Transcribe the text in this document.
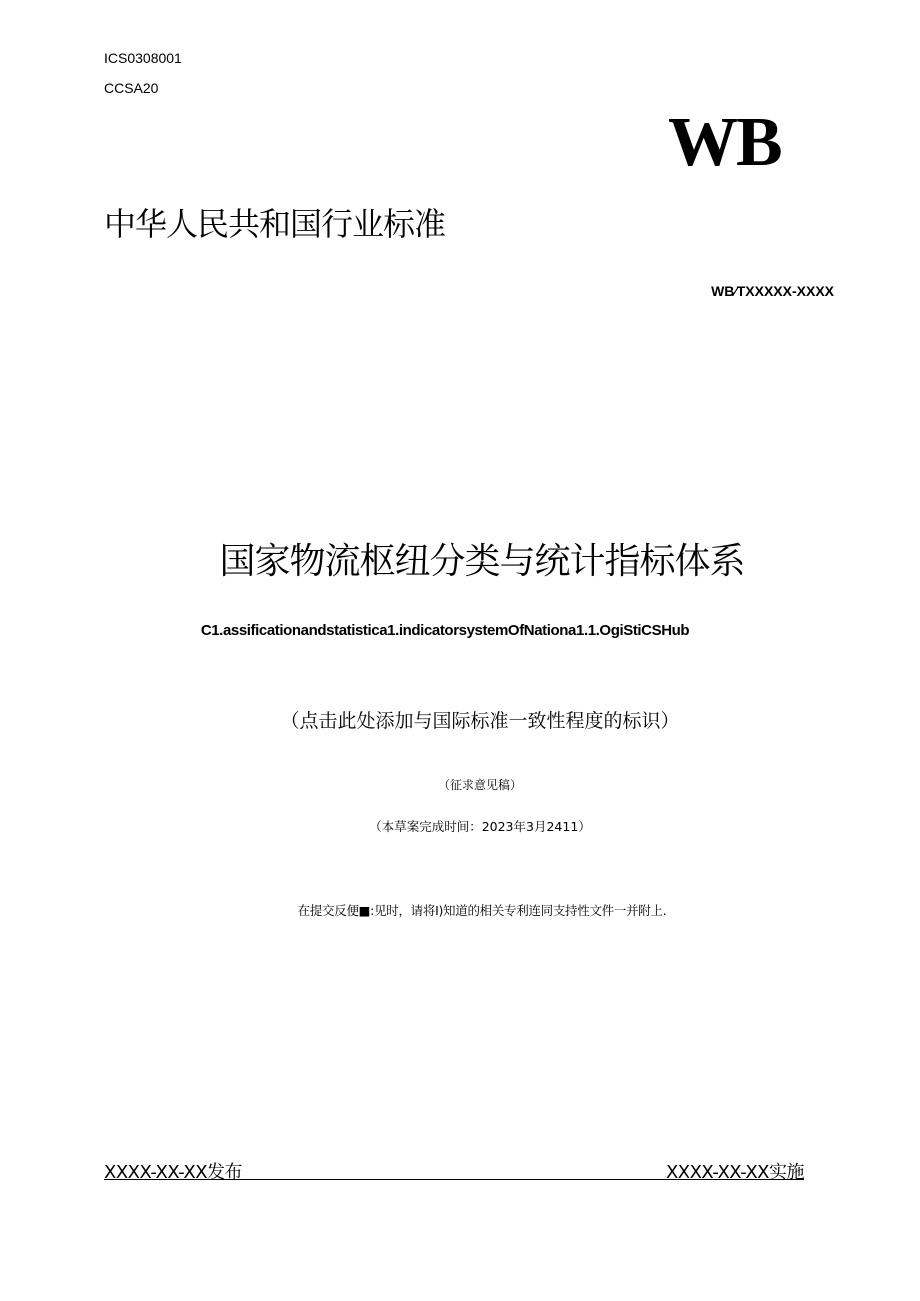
ICS0308001
CCSA20
WB
中华人民共和国行业标准
WB∕TXXXXX-XXXX
国家物流枢纽分类与统计指标体系
C1.assificationandstatistica1.indicatorsystemOfNationa1.1.OgiStiCSHub
（点击此处添加与国际标准一致性程度的标识）
（征求意见稿）
（本草案完成时间：2023年3月2411）
在提交反便■:见时，请将I)知道的相关专利连同支持性文件一并附上.
XXXX-XX-XX发布	XXXX-XX-XX实施
